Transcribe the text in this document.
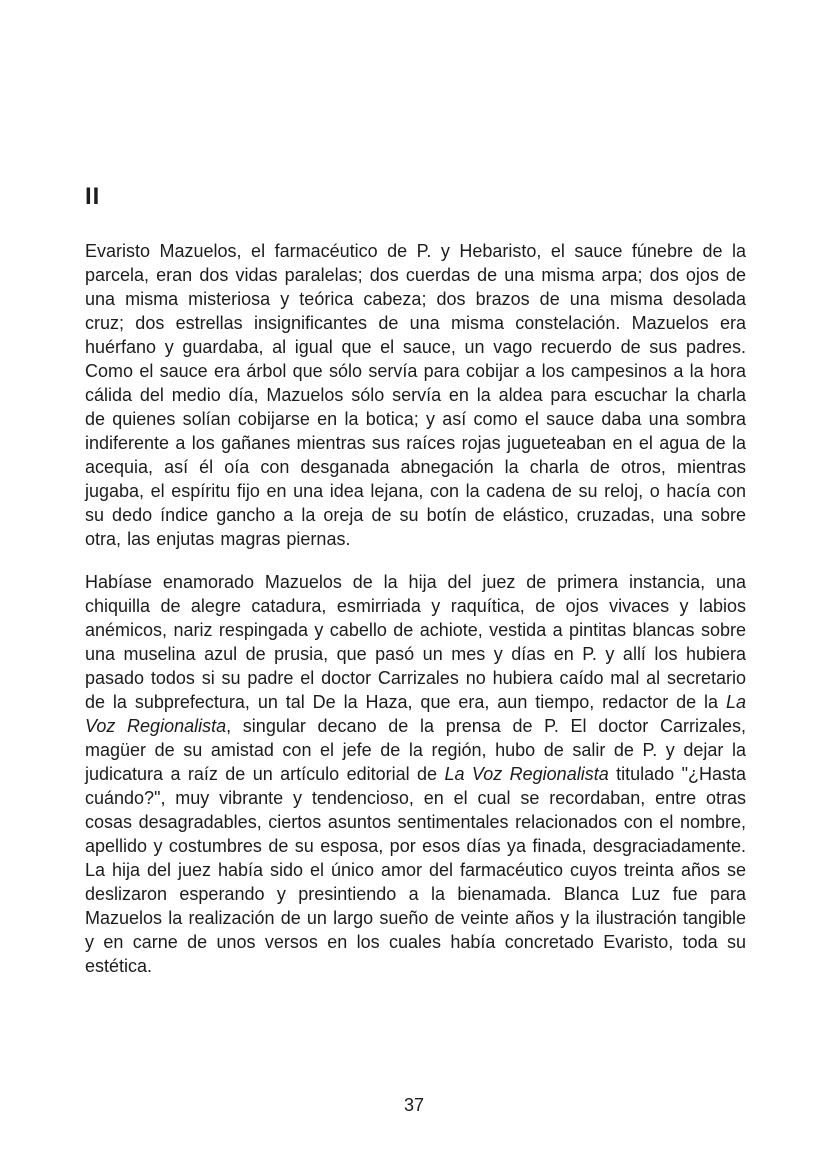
II

Evaristo Mazuelos, el farmacéutico de P. y Hebaristo, el sauce fúnebre de la parcela, eran dos vidas paralelas; dos cuerdas de una misma arpa; dos ojos de una misma misteriosa y teórica cabeza; dos brazos de una misma desolada cruz; dos estrellas insignificantes de una misma constelación. Mazuelos era huérfano y guardaba, al igual que el sauce, un vago recuerdo de sus padres. Como el sauce era árbol que sólo servía para cobijar a los campesinos a la hora cálida del medio día, Mazuelos sólo servía en la aldea para escuchar la charla de quienes solían cobijarse en la botica; y así como el sauce daba una sombra indiferente a los gañanes mientras sus raíces rojas jugueteaban en el agua de la acequia, así él oía con desganada abnegación la charla de otros, mientras jugaba, el espíritu fijo en una idea lejana, con la cadena de su reloj, o hacía con su dedo índice gancho a la oreja de su botín de elástico, cruzadas, una sobre otra, las enjutas magras piernas.

Habíase enamorado Mazuelos de la hija del juez de primera instancia, una chiquilla de alegre catadura, esmirriada y raquítica, de ojos vivaces y labios anémicos, nariz respingada y cabello de achiote, vestida a pintitas blancas sobre una muselina azul de prusia, que pasó un mes y días en P. y allí los hubiera pasado todos si su padre el doctor Carrizales no hubiera caído mal al secretario de la subprefectura, un tal De la Haza, que era, aun tiempo, redactor de la La Voz Regionalista, singular decano de la prensa de P. El doctor Carrizales, magüer de su amistad con el jefe de la región, hubo de salir de P. y dejar la judicatura a raíz de un artículo editorial de La Voz Regionalista titulado "¿Hasta cuándo?", muy vibrante y tendencioso, en el cual se recordaban, entre otras cosas desagradables, ciertos asuntos sentimentales relacionados con el nombre, apellido y costumbres de su esposa, por esos días ya finada, desgraciadamente. La hija del juez había sido el único amor del farmacéutico cuyos treinta años se deslizaron esperando y presintiendo a la bienamada. Blanca Luz fue para Mazuelos la realización de un largo sueño de veinte años y la ilustración tangible y en carne de unos versos en los cuales había concretado Evaristo, toda su estética.

37
